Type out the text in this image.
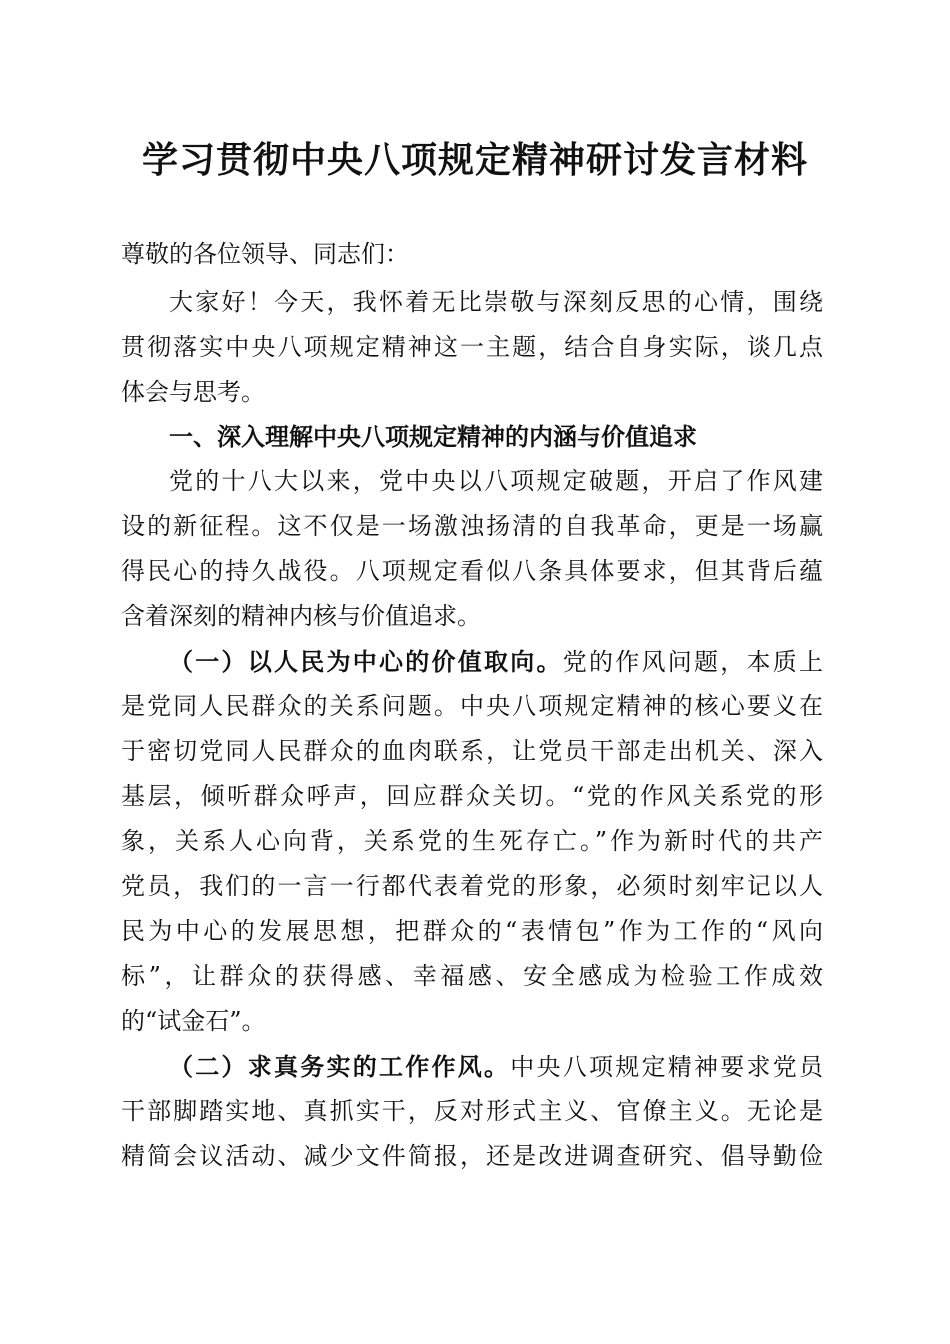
学习贯彻中央八项规定精神研讨发言材料
尊敬的各位领导、同志们：
大家好！今天，我怀着无比崇敬与深刻反思的心情，围绕
贯彻落实中央八项规定精神这一主题，结合自身实际，谈几点
体会与思考。
一、深入理解中央八项规定精神的内涵与价值追求
党的十八大以来，党中央以八项规定破题，开启了作风建
设的新征程。这不仅是一场激浊扬清的自我革命，更是一场赢
得民心的持久战役。八项规定看似八条具体要求，但其背后蕴
含着深刻的精神内核与价值追求。
（一）以人民为中心的价值取向。党的作风问题，本质上
是党同人民群众的关系问题。中央八项规定精神的核心要义在
于密切党同人民群众的血肉联系，让党员干部走出机关、深入
基层，倾听群众呼声，回应群众关切。“党的作风关系党的形
象，关系人心向背，关系党的生死存亡。”作为新时代的共产
党员，我们的一言一行都代表着党的形象，必须时刻牢记以人
民为中心的发展思想，把群众的“表情包”作为工作的“风向
标”，让群众的获得感、幸福感、安全感成为检验工作成效
的“试金石”。
（二）求真务实的工作作风。中央八项规定精神要求党员
干部脚踏实地、真抓实干，反对形式主义、官僚主义。无论是
精简会议活动、减少文件简报，还是改进调查研究、倡导勤俭
